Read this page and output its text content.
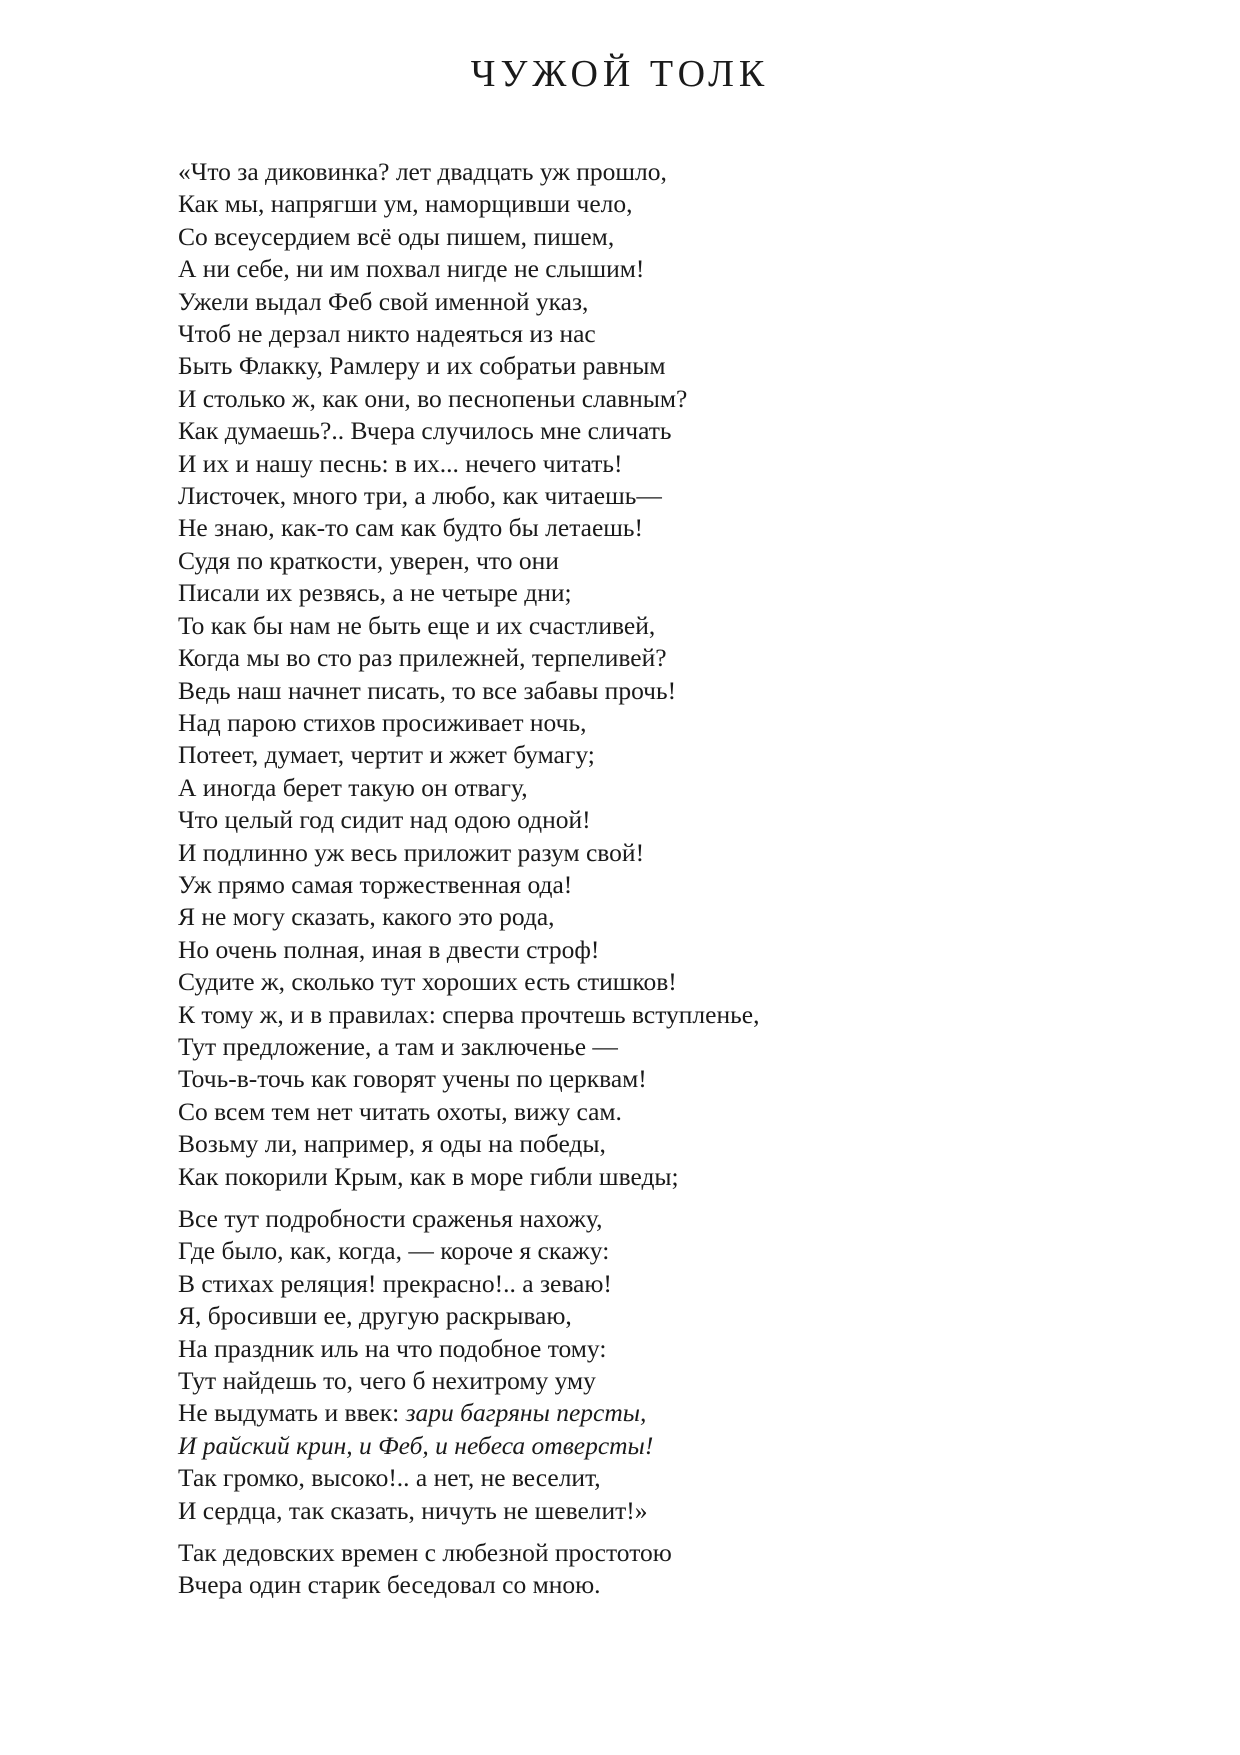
ЧУЖОЙ ТОЛК
«Что за диковинка? лет двадцать уж прошло,
Как мы, напрягши ум, наморщивши чело,
Со всеусердием всё оды пишем, пишем,
А ни себе, ни им похвал нигде не слышим!
Ужели выдал Феб свой именной указ,
Чтоб не дерзал никто надеяться из нас
Быть Флакку, Рамлеру и их собратьи равным
И столько ж, как они, во песнопеньи славным?
Как думаешь?.. Вчера случилось мне сличать
И их и нашу песнь: в их... нечего читать!
Листочек, много три, а любо, как читаешь—
Не знаю, как-то сам как будто бы летаешь!
Судя по краткости, уверен, что они
Писали их резвясь, а не четыре дни;
То как бы нам не быть еще и их счастливей,
Когда мы во сто раз прилежней, терпеливей?
Ведь наш начнет писать, то все забавы прочь!
Над парою стихов просиживает ночь,
Потеет, думает, чертит и жжет бумагу;
А иногда берет такую он отвагу,
Что целый год сидит над одою одной!
И подлинно уж весь приложит разум свой!
Уж прямо самая торжественная ода!
Я не могу сказать, какого это рода,
Но очень полная, иная в двести строф!
Судите ж, сколько тут хороших есть стишков!
К тому ж, и в правилах: сперва прочтешь вступленье,
Тут предложение, а там и заключенье —
Точь-в-точь как говорят учены по церквам!
Со всем тем нет читать охоты, вижу сам.
Возьму ли, например, я оды на победы,
Как покорили Крым, как в море гибли шведы;
Все тут подробности сраженья нахожу,
Где было, как, когда, — короче я скажу:
В стихах реляция! прекрасно!.. а зеваю!
Я, бросивши ее, другую раскрываю,
На праздник иль на что подобное тому:
Тут найдешь то, чего б нехитрому уму
Не выдумать и ввек: зари багряны персты,
И райский крин, и Феб, и небеса отверсты!
Так громко, высоко!.. а нет, не веселит,
И сердца, так сказать, ничуть не шевелит!»
Так дедовских времен с любезной простотою
Вчера один старик беседовал со мною.
